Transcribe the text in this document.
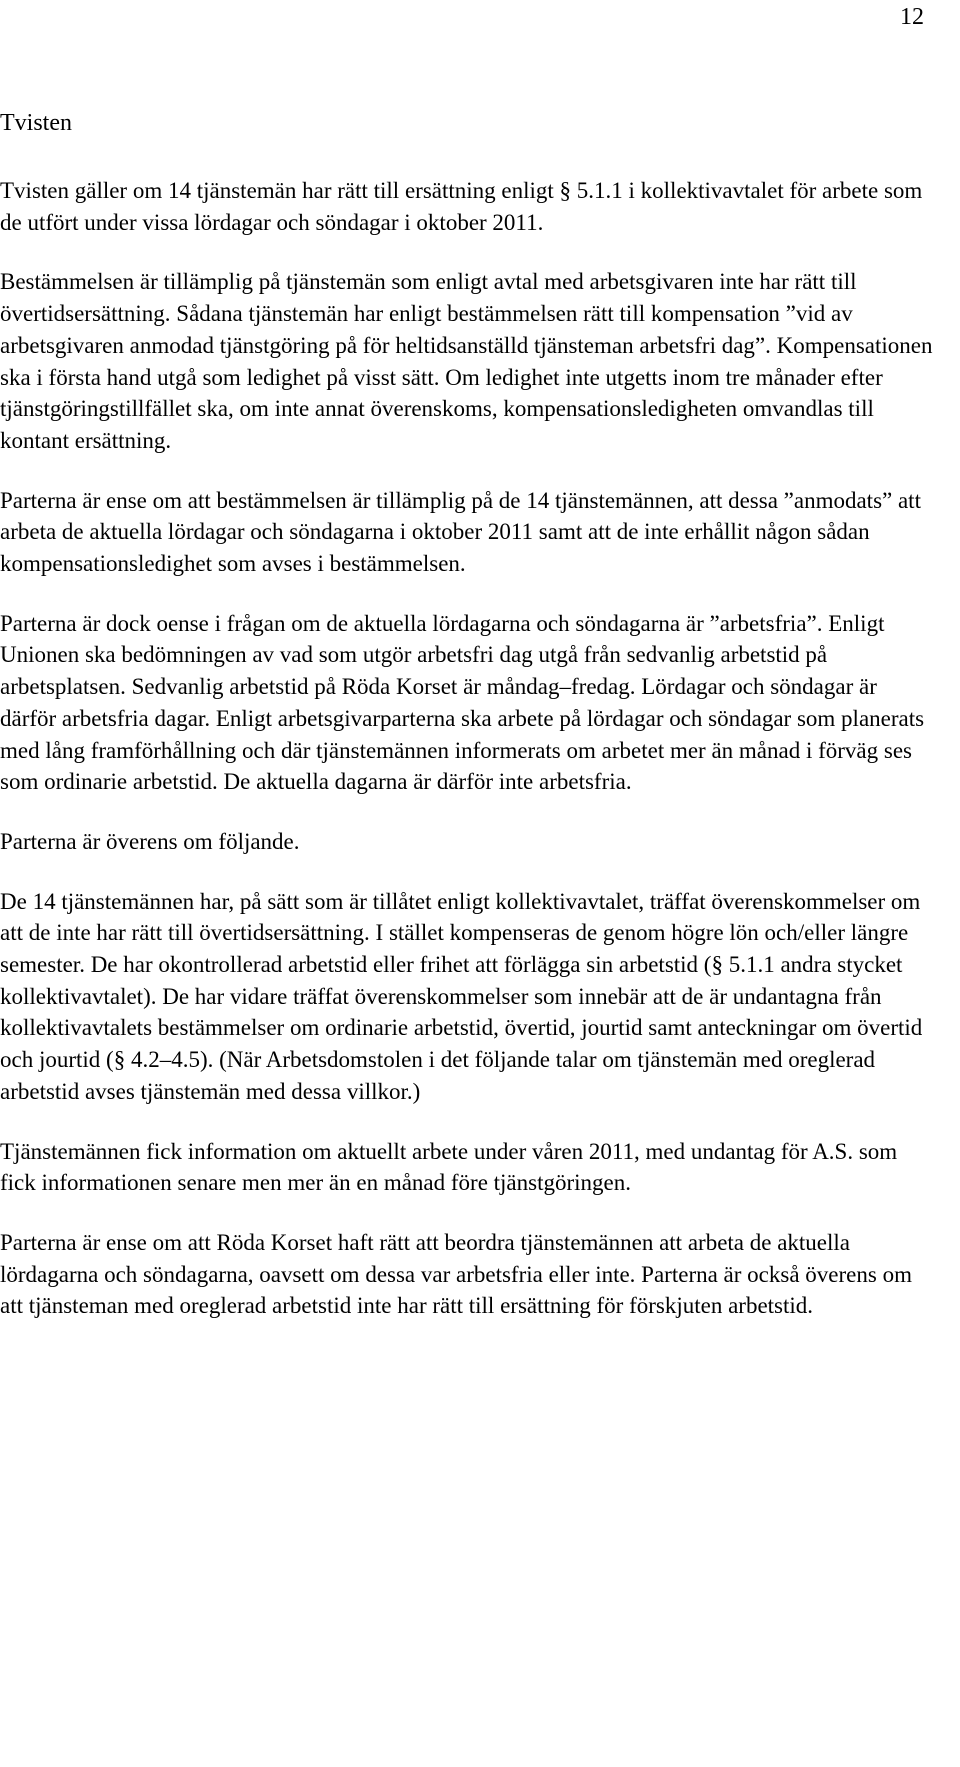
12
Tvisten

Tvisten gäller om 14 tjänstemän har rätt till ersättning enligt § 5.1.1 i kollektivavtalet för arbete som de utfört under vissa lördagar och söndagar i oktober 2011.

Bestämmelsen är tillämplig på tjänstemän som enligt avtal med arbetsgivaren inte har rätt till övertidsersättning. Sådana tjänstemän har enligt bestämmelsen rätt till kompensation ”vid av arbetsgivaren anmodad tjänstgöring på för heltidsanställd tjänsteman arbetsfri dag”. Kompensationen ska i första hand utgå som ledighet på visst sätt. Om ledighet inte utgetts inom tre månader efter tjänstgöringstillfället ska, om inte annat överenskoms, kompensationsledigheten omvandlas till kontant ersättning.

Parterna är ense om att bestämmelsen är tillämplig på de 14 tjänstemännen, att dessa ”anmodats” att arbeta de aktuella lördagar och söndagarna i oktober 2011 samt att de inte erhållit någon sådan kompensationsledighet som avses i bestämmelsen.

Parterna är dock oense i frågan om de aktuella lördagarna och söndagarna är ”arbetsfria”. Enligt Unionen ska bedömningen av vad som utgör arbetsfri dag utgå från sedvanlig arbetstid på arbetsplatsen. Sedvanlig arbetstid på Röda Korset är måndag–fredag. Lördagar och söndagar är därför arbetsfria dagar. Enligt arbetsgivarparterna ska arbete på lördagar och söndagar som planerats med lång framförhållning och där tjänstemännen informerats om arbetet mer än månad i förväg ses som ordinarie arbetstid. De aktuella dagarna är därför inte arbetsfria.

Parterna är överens om följande.

De 14 tjänstemännen har, på sätt som är tillåtet enligt kollektivavtalet, träffat överenskommelser om att de inte har rätt till övertidsersättning. I stället kompenseras de genom högre lön och/eller längre semester. De har okontrollerad arbetstid eller frihet att förlägga sin arbetstid (§ 5.1.1 andra stycket kollektivavtalet). De har vidare träffat överenskommelser som innebär att de är undantagna från kollektivavtalets bestämmelser om ordinarie arbetstid, övertid, jourtid samt anteckningar om övertid och jourtid (§ 4.2–4.5). (När Arbetsdomstolen i det följande talar om tjänstemän med oreglerad arbetstid avses tjänstemän med dessa villkor.)

Tjänstemännen fick information om aktuellt arbete under våren 2011, med undantag för A.S. som fick informationen senare men mer än en månad före tjänstgöringen.

Parterna är ense om att Röda Korset haft rätt att beordra tjänstemännen att arbeta de aktuella lördagarna och söndagarna, oavsett om dessa var arbetsfria eller inte. Parterna är också överens om att tjänsteman med oreglerad arbetstid inte har rätt till ersättning för förskjuten arbetstid.
